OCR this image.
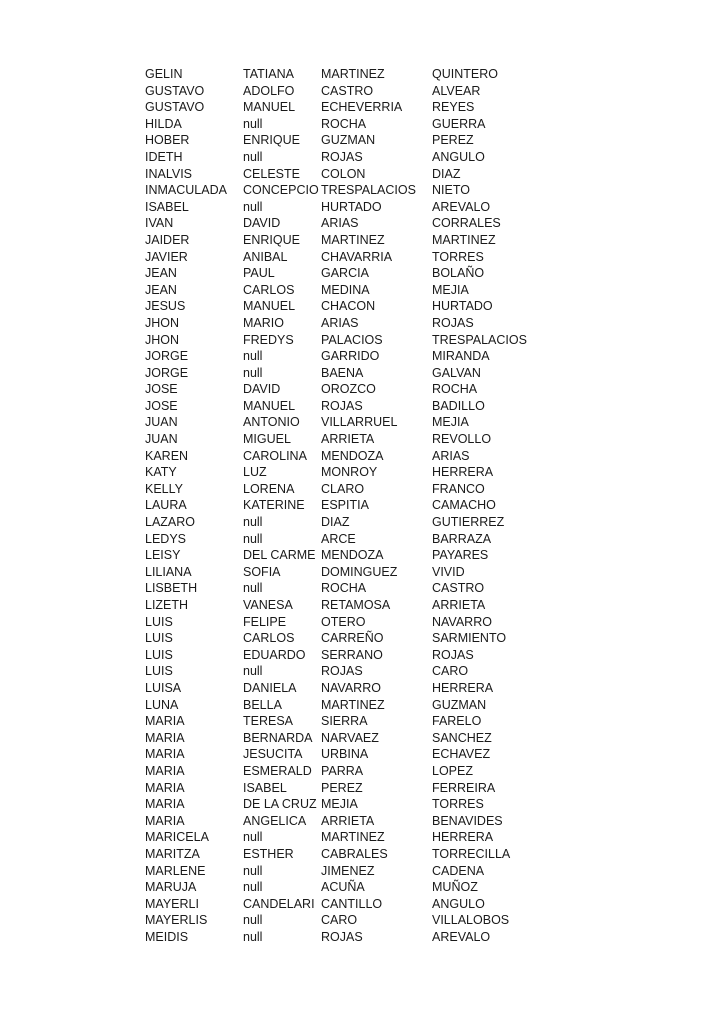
GELIN	TATIANA	MARTINEZ	QUINTERO
GUSTAVO	ADOLFO	CASTRO	ALVEAR
GUSTAVO	MANUEL	ECHEVERRIA	REYES
HILDA	null	ROCHA	GUERRA
HOBER	ENRIQUE	GUZMAN	PEREZ
IDETH	null	ROJAS	ANGULO
INALVIS	CELESTE	COLON	DIAZ
INMACULADA	CONCEPCIO	TRESPALACIOS	NIETO
ISABEL	null	HURTADO	AREVALO
IVAN	DAVID	ARIAS	CORRALES
JAIDER	ENRIQUE	MARTINEZ	MARTINEZ
JAVIER	ANIBAL	CHAVARRIA	TORRES
JEAN	PAUL	GARCIA	BOLAÑO
JEAN	CARLOS	MEDINA	MEJIA
JESUS	MANUEL	CHACON	HURTADO
JHON	MARIO	ARIAS	ROJAS
JHON	FREDYS	PALACIOS	TRESPALACIOS
JORGE	null	GARRIDO	MIRANDA
JORGE	null	BAENA	GALVAN
JOSE	DAVID	OROZCO	ROCHA
JOSE	MANUEL	ROJAS	BADILLO
JUAN	ANTONIO	VILLARRUEL	MEJIA
JUAN	MIGUEL	ARRIETA	REVOLLO
KAREN	CAROLINA	MENDOZA	ARIAS
KATY	LUZ	MONROY	HERRERA
KELLY	LORENA	CLARO	FRANCO
LAURA	KATERINE	ESPITIA	CAMACHO
LAZARO	null	DIAZ	GUTIERREZ
LEDYS	null	ARCE	BARRAZA
LEISY	DEL CARME	MENDOZA	PAYARES
LILIANA	SOFIA	DOMINGUEZ	VIVID
LISBETH	null	ROCHA	CASTRO
LIZETH	VANESA	RETAMOSA	ARRIETA
LUIS	FELIPE	OTERO	NAVARRO
LUIS	CARLOS	CARREÑO	SARMIENTO
LUIS	EDUARDO	SERRANO	ROJAS
LUIS	null	ROJAS	CARO
LUISA	DANIELA	NAVARRO	HERRERA
LUNA	BELLA	MARTINEZ	GUZMAN
MARIA	TERESA	SIERRA	FARELO
MARIA	BERNARDA	NARVAEZ	SANCHEZ
MARIA	JESUCITA	URBINA	ECHAVEZ
MARIA	ESMERALD	PARRA	LOPEZ
MARIA	ISABEL	PEREZ	FERREIRA
MARIA	DE LA CRUZ	MEJIA	TORRES
MARIA	ANGELICA	ARRIETA	BENAVIDES
MARICELA	null	MARTINEZ	HERRERA
MARITZA	ESTHER	CABRALES	TORRECILLA
MARLENE	null	JIMENEZ	CADENA
MARUJA	null	ACUÑA	MUÑOZ
MAYERLI	CANDELARI	CANTILLO	ANGULO
MAYERLIS	null	CARO	VILLALOBOS
MEIDIS	null	ROJAS	AREVALO
